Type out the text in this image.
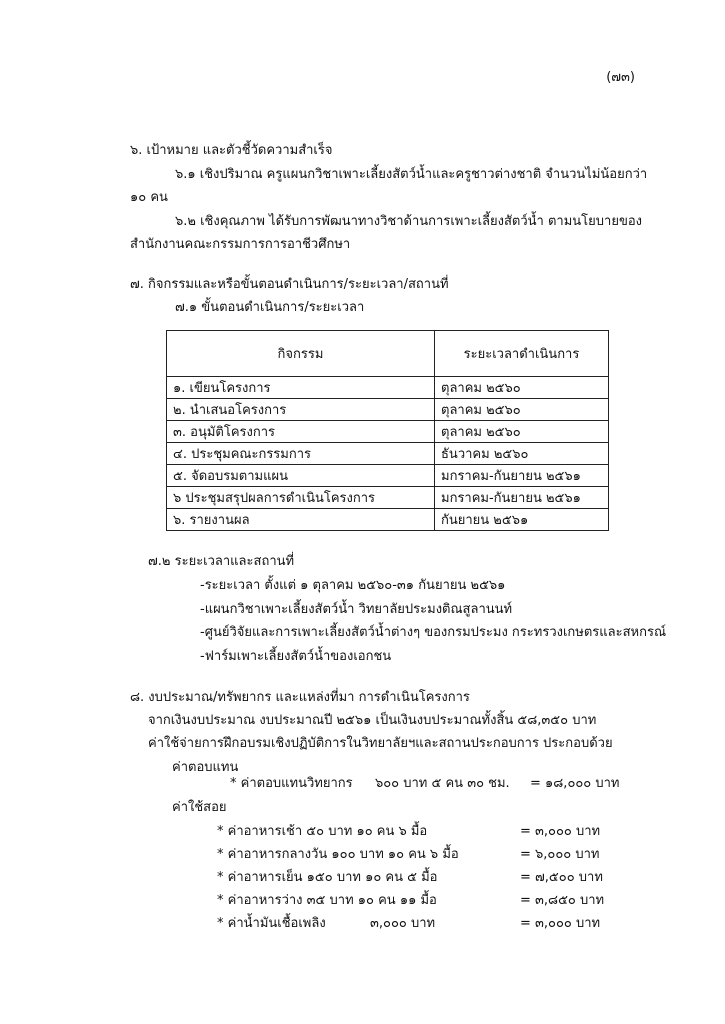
(๗๓)
๖. เป้าหมาย และตัวชี้วัดความสำเร็จ
๖.๑ เชิงปริมาณ ครูแผนกวิชาเพาะเลี้ยงสัตว์น้ำและครูชาวต่างชาติ จำนวนไม่น้อยกว่า
๑๐ คน
๖.๒ เชิงคุณภาพ ได้รับการพัฒนาทางวิชาด้านการเพาะเลี้ยงสัตว์น้ำ ตามนโยบายของ
สำนักงานคณะกรรมการการอาชีวศึกษา
๗. กิจกรรมและหรือขั้นตอนดำเนินการ/ระยะเวลา/สถานที่
๗.๑ ขั้นตอนดำเนินการ/ระยะเวลา
กิจกรรม	ระยะเวลาดำเนินการ
๑. เขียนโครงการ	ตุลาคม ๒๕๖๐
๒. นำเสนอโครงการ	ตุลาคม ๒๕๖๐
๓. อนุมัติโครงการ	ตุลาคม ๒๕๖๐
๔. ประชุมคณะกรรมการ	ธันวาคม ๒๕๖๐
๕. จัดอบรมตามแผน	มกราคม-กันยายน ๒๕๖๑
๖ ประชุมสรุปผลการดำเนินโครงการ	มกราคม-กันยายน ๒๕๖๑
๖. รายงานผล	กันยายน ๒๕๖๑
๗.๒ ระยะเวลาและสถานที่
-ระยะเวลา ตั้งแต่ ๑ ตุลาคม ๒๕๖๐-๓๑ กันยายน ๒๕๖๑
-แผนกวิชาเพาะเลี้ยงสัตว์น้ำ วิทยาลัยประมงติณสูลานนท์
-ศูนย์วิจัยและการเพาะเลี้ยงสัตว์น้ำต่างๆ ของกรมประมง กระทรวงเกษตรและสหกรณ์
-ฟาร์มเพาะเลี้ยงสัตว์น้ำของเอกชน
๘. งบประมาณ/ทรัพยากร และแหล่งที่มา การดำเนินโครงการ
จากเงินงบประมาณ งบประมาณปี ๒๕๖๑ เป็นเงินงบประมาณทั้งสิ้น ๕๘,๓๕๐ บาท
ค่าใช้จ่ายการฝึกอบรมเชิงปฏิบัติการในวิทยาลัยฯและสถานประกอบการ ประกอบด้วย
ค่าตอบแทน
* ค่าตอบแทนวิทยากร ๖๐๐ บาท ๕ คน ๓๐ ชม. = ๑๘,๐๐๐ บาท
ค่าใช้สอย
* ค่าอาหารเช้า ๕๐ บาท ๑๐ คน ๖ มื้อ	= ๓,๐๐๐ บาท
* ค่าอาหารกลางวัน ๑๐๐ บาท ๑๐ คน ๖ มื้อ	= ๖,๐๐๐ บาท
* ค่าอาหารเย็น ๑๕๐ บาท ๑๐ คน ๕ มื้อ	= ๗,๕๐๐ บาท
* ค่าอาหารว่าง ๓๕ บาท ๑๐ คน ๑๑ มื้อ	= ๓,๘๕๐ บาท
* ค่าน้ำมันเชื้อเพลิง	๓,๐๐๐ บาท	= ๓,๐๐๐ บาท
